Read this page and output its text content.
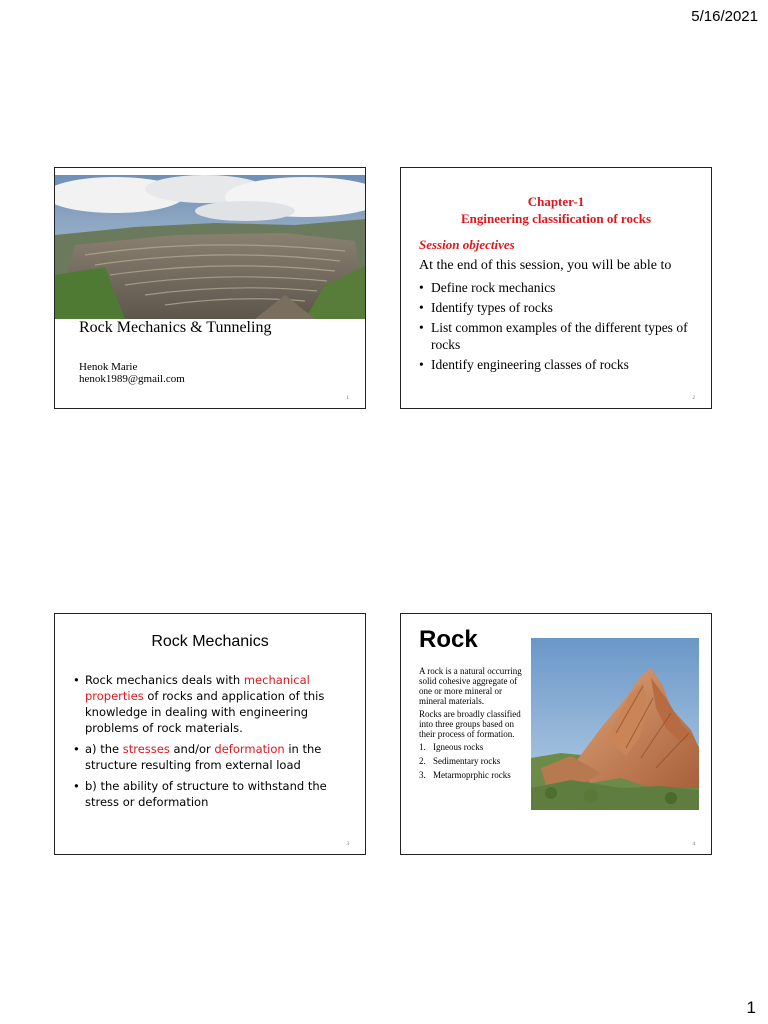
5/16/2021
Rock Mechanics & Tunneling
Henok Marie
henok1989@gmail.com
1
Chapter-1
Engineering classification of rocks
Session objectives
At the end of this session, you will be able to
• Define rock mechanics
• Identify types of rocks
• List common examples of the different types of rocks
• Identify engineering classes of rocks
2
Rock Mechanics
• Rock mechanics deals with mechanical properties of rocks and application of this knowledge in dealing with engineering problems of rock materials.
• a) the stresses and/or deformation in the structure resulting from external load
• b) the ability of structure to withstand the stress or deformation
3
Rock

A rock is a natural occurring solid cohesive aggregate of one or more mineral or mineral materials.

Rocks are broadly classified into three groups based on their process of formation.

1. Igneous rocks
2. Sedimentary rocks
3. Metarmoprphic rocks
4
1
